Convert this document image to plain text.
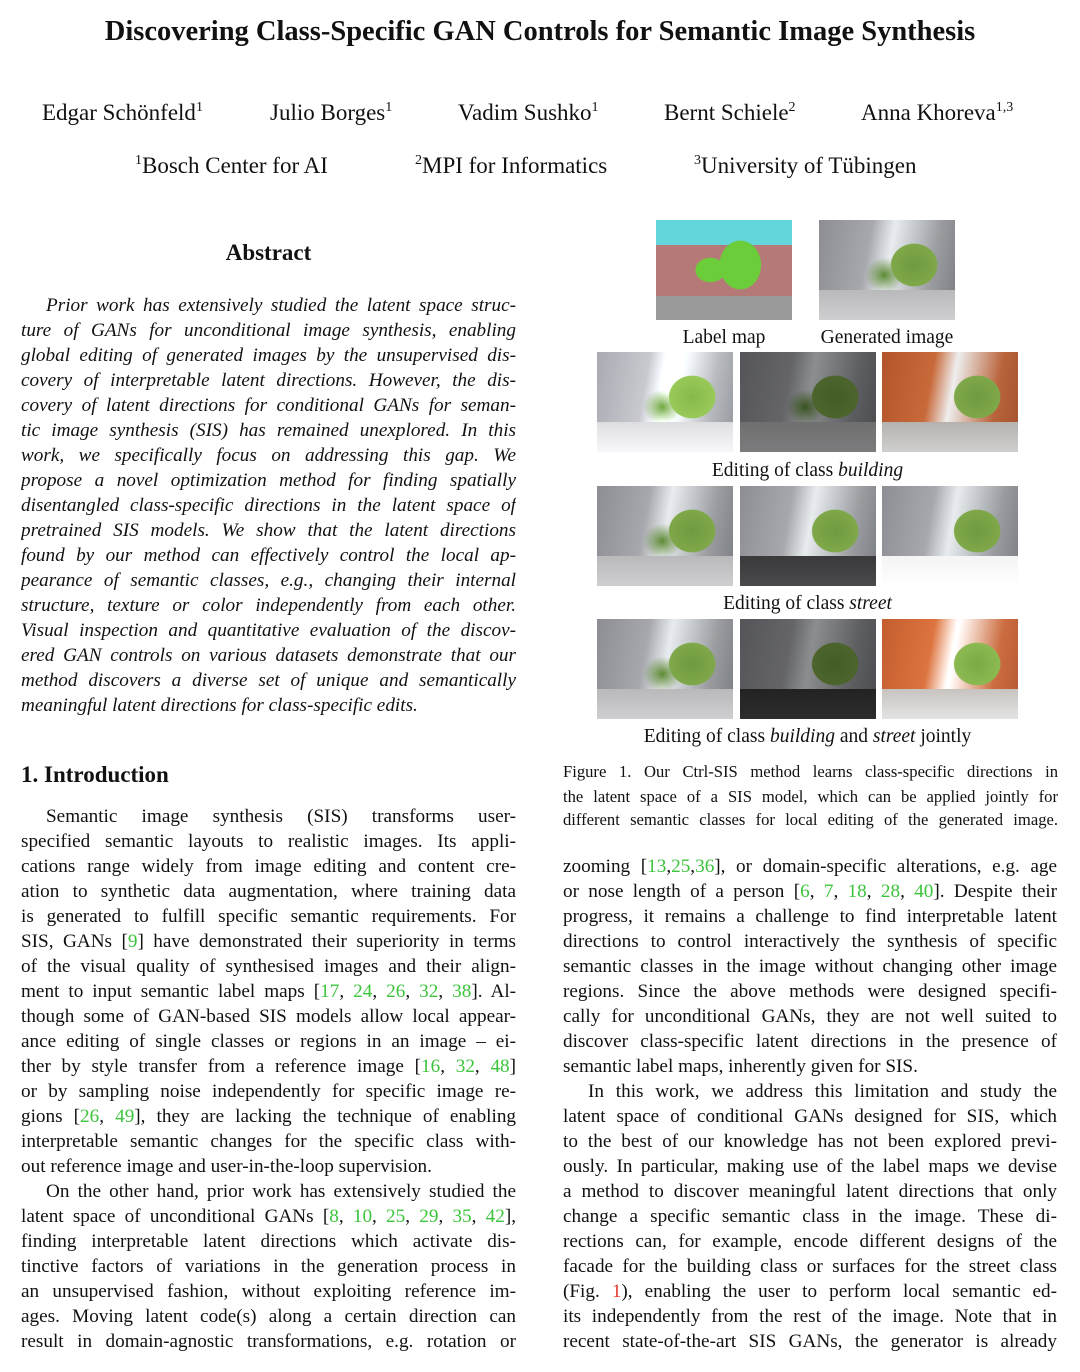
Discovering Class-Specific GAN Controls for Semantic Image Synthesis
Edgar Schönfeld$^1$	Julio Borges$^1$	Vadim Sushko$^1$	Bernt Schiele$^2$	Anna Khoreva$^{1,3}$
$^1$Bosch Center for AI	$^2$MPI for Informatics	$^3$University of Tübingen
Abstract
Prior work has extensively studied the latent space struc-
ture of GANs for unconditional image synthesis, enabling
global editing of generated images by the unsupervised dis-
covery of interpretable latent directions. However, the dis-
covery of latent directions for conditional GANs for seman-
tic image synthesis (SIS) has remained unexplored. In this
work, we specifically focus on addressing this gap. We
propose a novel optimization method for finding spatially
disentangled class-specific directions in the latent space of
pretrained SIS models. We show that the latent directions
found by our method can effectively control the local ap-
pearance of semantic classes, e.g., changing their internal
structure, texture or color independently from each other.
Visual inspection and quantitative evaluation of the discov-
ered GAN controls on various datasets demonstrate that our
method discovers a diverse set of unique and semantically
meaningful latent directions for class-specific edits.
1. Introduction
Semantic image synthesis (SIS) transforms user-
specified semantic layouts to realistic images. Its appli-
cations range widely from image editing and content cre-
ation to synthetic data augmentation, where training data
is generated to fulfill specific semantic requirements. For
SIS, GANs [9] have demonstrated their superiority in terms
of the visual quality of synthesised images and their align-
ment to input semantic label maps [17, 24, 26, 32, 38]. Al-
though some of GAN-based SIS models allow local appear-
ance editing of single classes or regions in an image – ei-
ther by style transfer from a reference image [16, 32, 48]
or by sampling noise independently for specific image re-
gions [26, 49], they are lacking the technique of enabling
interpretable semantic changes for the specific class with-
out reference image and user-in-the-loop supervision.
On the other hand, prior work has extensively studied the
latent space of unconditional GANs [8, 10, 25, 29, 35, 42],
finding interpretable latent directions which activate dis-
tinctive factors of variations in the generation process in
an unsupervised fashion, without exploiting reference im-
ages. Moving latent code(s) along a certain direction can
result in domain-agnostic transformations, e.g. rotation or
Label map	Generated image
Editing of class building
Editing of class street
Editing of class building and street jointly
Figure 1. Our Ctrl-SIS method learns class-specific directions in
the latent space of a SIS model, which can be applied jointly for
different semantic classes for local editing of the generated image.
zooming [13,25,36], or domain-specific alterations, e.g. age
or nose length of a person [6, 7, 18, 28, 40]. Despite their
progress, it remains a challenge to find interpretable latent
directions to control interactively the synthesis of specific
semantic classes in the image without changing other image
regions. Since the above methods were designed specifi-
cally for unconditional GANs, they are not well suited to
discover class-specific latent directions in the presence of
semantic label maps, inherently given for SIS.
In this work, we address this limitation and study the
latent space of conditional GANs designed for SIS, which
to the best of our knowledge has not been explored previ-
ously. In particular, making use of the label maps we devise
a method to discover meaningful latent directions that only
change a specific semantic class in the image. These di-
rections can, for example, encode different designs of the
facade for the building class or surfaces for the street class
(Fig. 1), enabling the user to perform local semantic ed-
its independently from the rest of the image. Note that in
recent state-of-the-art SIS GANs, the generator is already
